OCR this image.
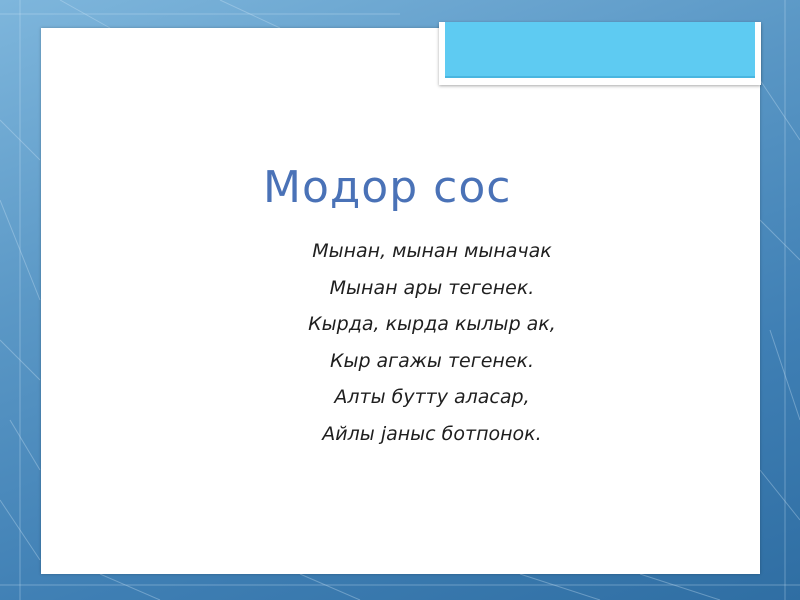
Модор сос
Мынан, мынан мыначак
Мынан ары тегенек.
Кырда, кырда кылыр ак,
Кыр агажы тегенек.
Алты бутту аласар,
Айлы jаныс ботпонок.
